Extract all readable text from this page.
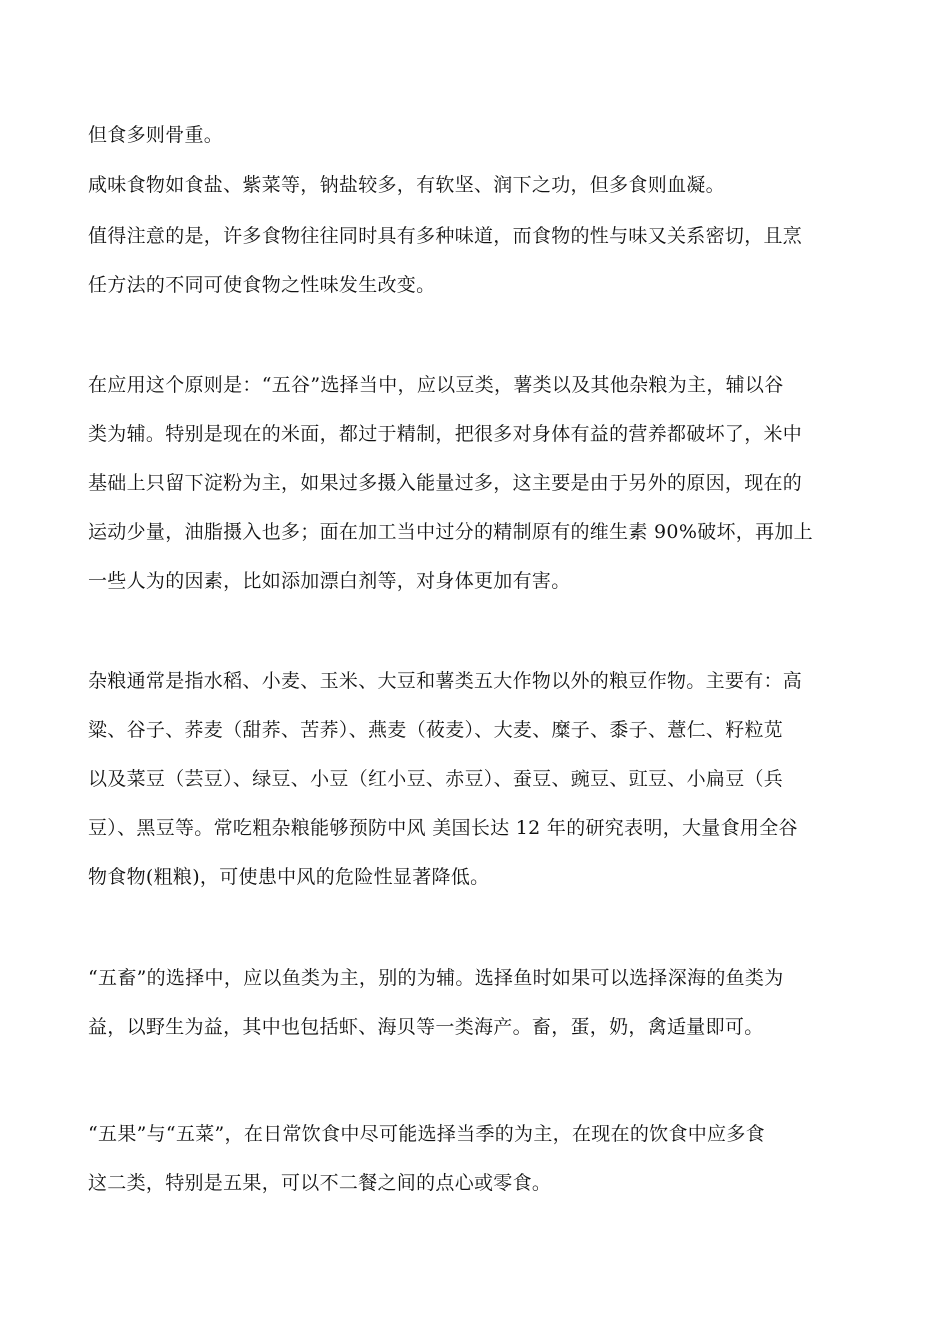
但食多则骨重。
咸味食物如食盐、紫菜等，钠盐较多，有软坚、润下之功，但多食则血凝。
值得注意的是，许多食物往往同时具有多种味道，而食物的性与味又关系密切，且烹
任方法的不同可使食物之性味发生改变。
在应用这个原则是：“五谷”选择当中，应以豆类，薯类以及其他杂粮为主，辅以谷
类为辅。特别是现在的米面，都过于精制，把很多对身体有益的营养都破坏了，米中
基础上只留下淀粉为主，如果过多摄入能量过多，这主要是由于另外的原因，现在的
运动少量，油脂摄入也多；面在加工当中过分的精制原有的维生素 90%破坏，再加上
一些人为的因素，比如添加漂白剂等，对身体更加有害。
杂粮通常是指水稻、小麦、玉米、大豆和薯类五大作物以外的粮豆作物。主要有：高
粱、谷子、荞麦（甜荞、苦荞）、燕麦（莜麦）、大麦、糜子、黍子、薏仁、籽粒苋
以及菜豆（芸豆）、绿豆、小豆（红小豆、赤豆）、蚕豆、豌豆、豇豆、小扁豆（兵
豆）、黑豆等。常吃粗杂粮能够预防中风 美国长达 12 年的研究表明，大量食用全谷
物食物(粗粮)，可使患中风的危险性显著降低。
“五畜”的选择中，应以鱼类为主，别的为辅。选择鱼时如果可以选择深海的鱼类为
益，以野生为益，其中也包括虾、海贝等一类海产。畜，蛋，奶，禽适量即可。
“五果”与“五菜”，在日常饮食中尽可能选择当季的为主，在现在的饮食中应多食
这二类，特别是五果，可以不二餐之间的点心或零食。
